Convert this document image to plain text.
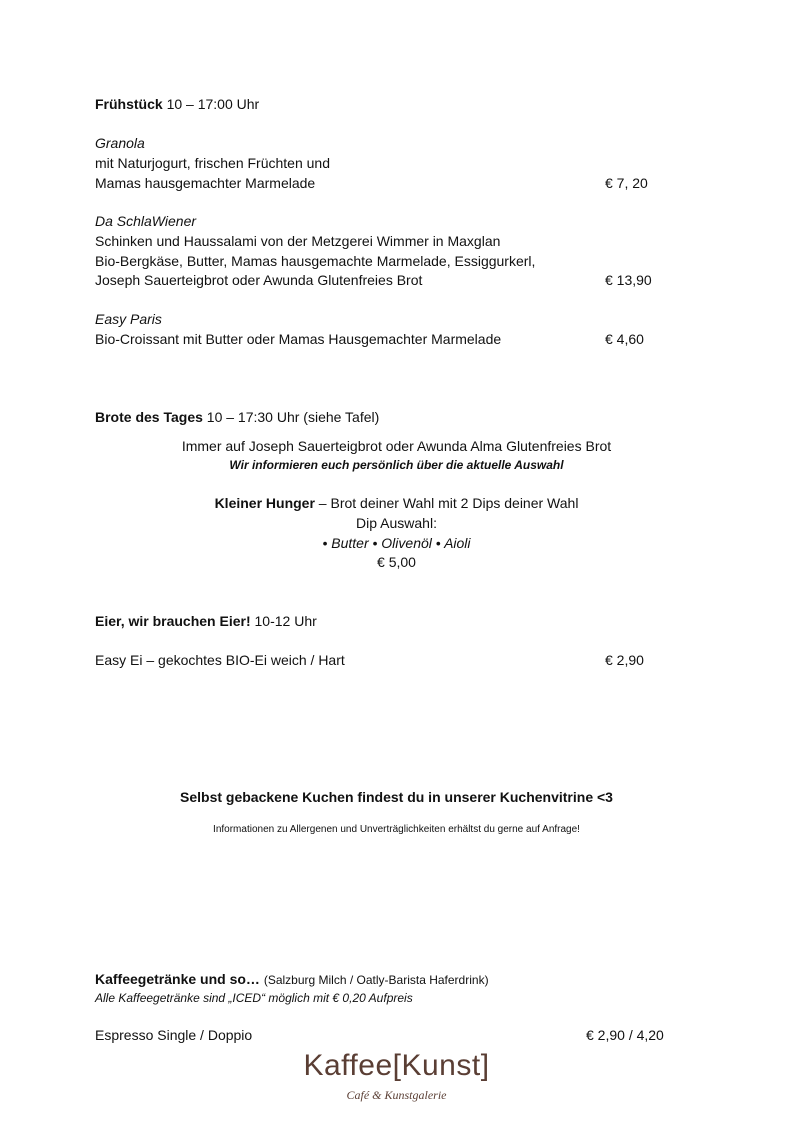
Frühstück 10 – 17:00 Uhr
Granola
mit Naturjogurt, frischen Früchten und
Mamas hausgemachter Marmelade	€ 7, 20
Da SchlaWiener
Schinken und Haussalami von der Metzgerei Wimmer in Maxglan
Bio-Bergkäse, Butter, Mamas hausgemachte Marmelade, Essiggurkerl,
Joseph Sauerteigbrot oder Awunda Glutenfreies Brot	€ 13,90
Easy Paris
Bio-Croissant mit Butter oder Mamas Hausgemachter Marmelade	€ 4,60
Brote des Tages 10 – 17:30 Uhr (siehe Tafel)
Immer auf Joseph Sauerteigbrot oder Awunda Alma Glutenfreies Brot
Wir informieren euch persönlich über die aktuelle Auswahl
Kleiner Hunger – Brot deiner Wahl mit 2 Dips deiner Wahl
Dip Auswahl:
• Butter • Olivenöl • Aioli
€ 5,00
Eier, wir brauchen Eier! 10-12 Uhr
Easy Ei – gekochtes BIO-Ei weich / Hart	€ 2,90
Selbst gebackene Kuchen findest du in unserer Kuchenvitrine <3
Informationen zu Allergenen und Unverträglichkeiten erhältst du gerne auf Anfrage!
Kaffeegetränke und so… (Salzburg Milch / Oatly-Barista Haferdrink)
Alle Kaffeegetränke sind „ICED“ möglich mit € 0,20 Aufpreis
Espresso Single / Doppio	€ 2,90 / 4,20
Kaffee[Kunst]
Café & Kunstgalerie
